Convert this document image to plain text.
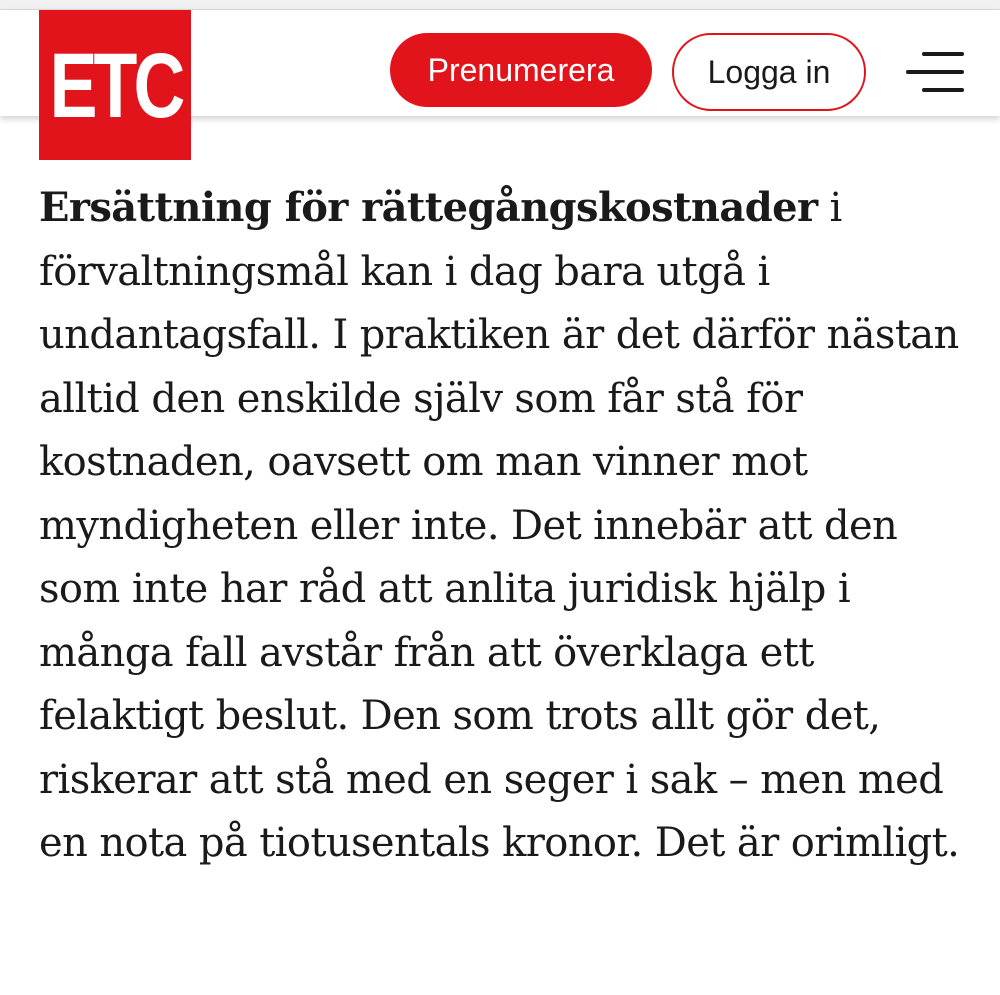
Prenumerera	Logga in
ETC

Ersättning för rättegångskostnader i förvaltningsmål kan i dag bara utgå i undantagsfall. I praktiken är det därför nästan alltid den enskilde själv som får stå för kostnaden, oavsett om man vinner mot myndigheten eller inte. Det innebär att den som inte har råd att anlita juridisk hjälp i många fall avstår från att överklaga ett felaktigt beslut. Den som trots allt gör det, riskerar att stå med en seger i sak – men med en nota på tiotusentals kronor. Det är orimligt.
